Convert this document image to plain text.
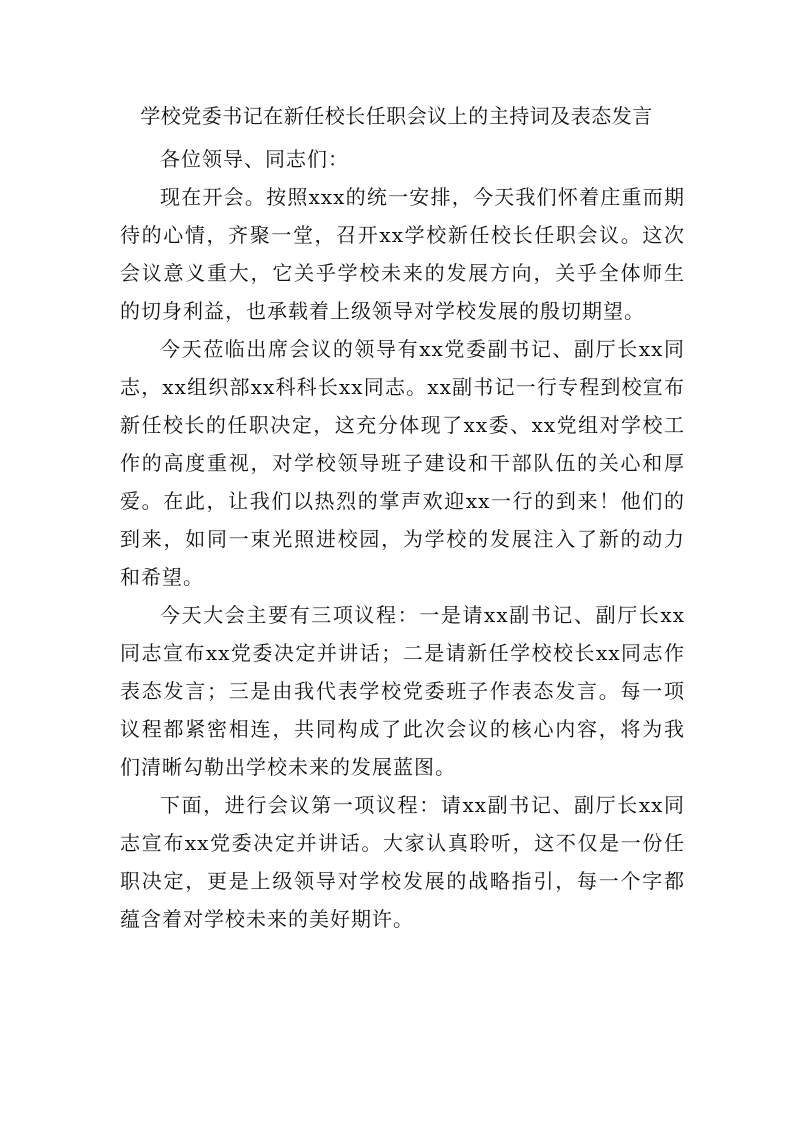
学校党委书记在新任校长任职会议上的主持词及表态发言

各位领导、同志们：

现在开会。按照xxx的统一安排，今天我们怀着庄重而期待的心情，齐聚一堂，召开xx学校新任校长任职会议。这次会议意义重大，它关乎学校未来的发展方向，关乎全体师生的切身利益，也承载着上级领导对学校发展的殷切期望。

今天莅临出席会议的领导有xx党委副书记、副厅长xx同志，xx组织部xx科科长xx同志。xx副书记一行专程到校宣布新任校长的任职决定，这充分体现了xx委、xx党组对学校工作的高度重视，对学校领导班子建设和干部队伍的关心和厚爱。在此，让我们以热烈的掌声欢迎xx一行的到来！他们的到来，如同一束光照进校园，为学校的发展注入了新的动力和希望。

今天大会主要有三项议程：一是请xx副书记、副厅长xx同志宣布xx党委决定并讲话；二是请新任学校校长xx同志作表态发言；三是由我代表学校党委班子作表态发言。每一项议程都紧密相连，共同构成了此次会议的核心内容，将为我们清晰勾勒出学校未来的发展蓝图。

下面，进行会议第一项议程：请xx副书记、副厅长xx同志宣布xx党委决定并讲话。大家认真聆听，这不仅是一份任职决定，更是上级领导对学校发展的战略指引，每一个字都蕴含着对学校未来的美好期许。
